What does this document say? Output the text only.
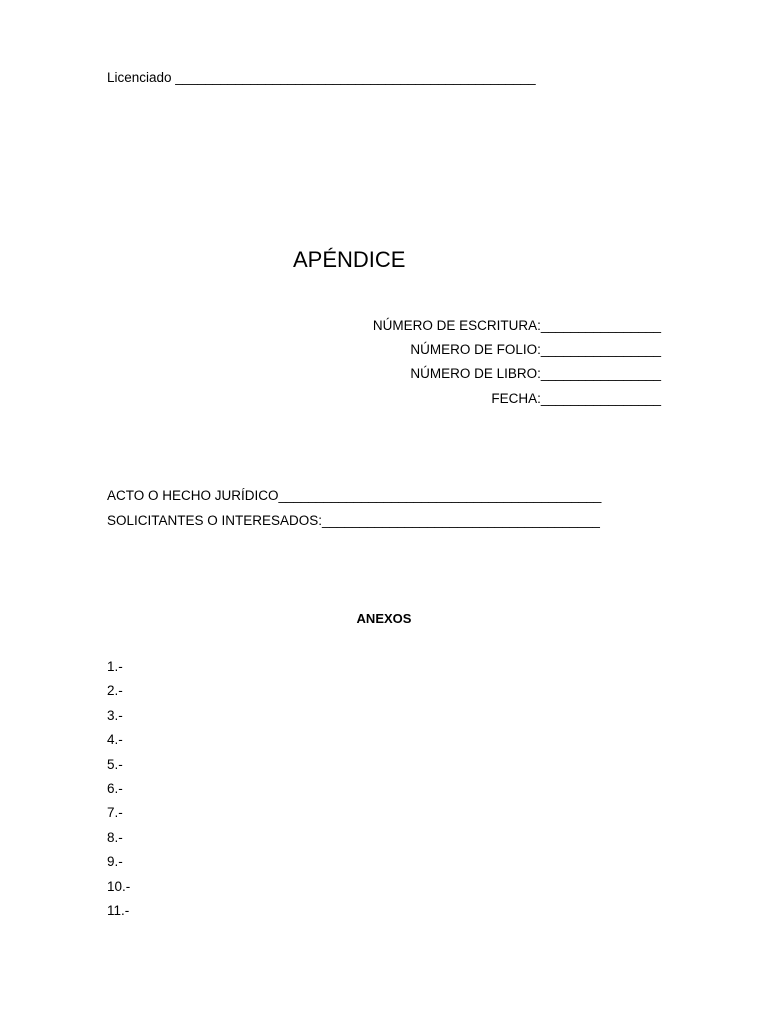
Licenciado ________________________________________________
APÉNDICE
NÚMERO DE ESCRITURA:________________
NÚMERO DE FOLIO:________________
NÚMERO DE LIBRO:________________
FECHA:________________
ACTO O HECHO JURÍDICO___________________________________________
SOLICITANTES O INTERESADOS:_____________________________________
ANEXOS
1.-
2.-
3.-
4.-
5.-
6.-
7.-
8.-
9.-
10.-
11.-
